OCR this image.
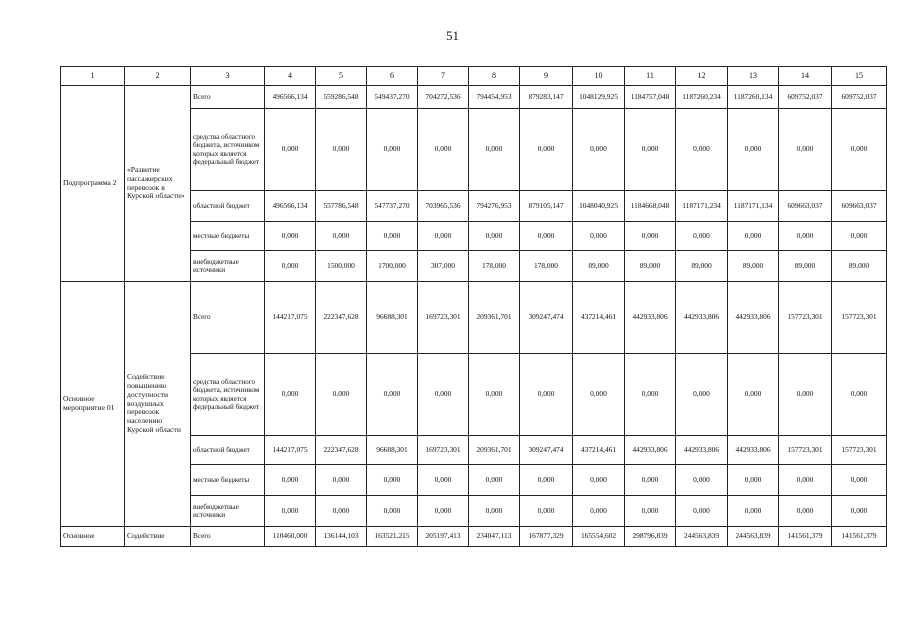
51
1	2	3	4	5	6	7	8	9	10	11	12	13	14	15
Подпрограмма 2	«Развитие пассажирских перевозок в Курской области»	Всего	496566,134	559286,548	549437,270	704272,536	794454,953	879283,147	1048129,925	1184757,048	1187260,234	1187260,134	609752,037	609752,037
		средства областного бюджета, источником которых является федеральный бюджет	0,000	0,000	0,000	0,000	0,000	0,000	0,000	0,000	0,000	0,000	0,000	0,000
		областной бюджет	496566,134	557786,548	547737,270	703965,536	794276,953	879105,147	1048040,925	1184668,048	1187171,234	1187171,134	609663,037	609663,037
		местные бюджеты	0,000	0,000	0,000	0,000	0,000	0,000	0,000	0,000	0,000	0,000	0,000	0,000
		внебюджетные источники	0,000	1500,000	1700,000	307,000	178,000	178,000	89,000	89,000	89,000	89,000	89,000	89,000
Основное мероприятие 01	Содействие повышению доступности воздушных перевозок населению Курской области	Всего	144217,075	222347,628	96688,301	169723,301	209361,701	309247,474	437214,461	442933,806	442933,806	442933,806	157723,301	157723,301
		средства областного бюджета, источником которых является федеральный бюджет	0,000	0,000	0,000	0,000	0,000	0,000	0,000	0,000	0,000	0,000	0,000	0,000
		областной бюджет	144217,075	222347,628	96688,301	169723,301	209361,701	309247,474	437214,461	442933,806	442933,806	442933,806	157723,301	157723,301
		местные бюджеты	0,000	0,000	0,000	0,000	0,000	0,000	0,000	0,000	0,000	0,000	0,000	0,000
		внебюджетные источники	0,000	0,000	0,000	0,000	0,000	0,000	0,000	0,000	0,000	0,000	0,000	0,000
Основное	Содействие	Всего	110460,000	136144,103	163521,215	205197,413	234047,113	167877,329	165554,602	298796,839	244563,839	244563,839	141561,379	141561,379
